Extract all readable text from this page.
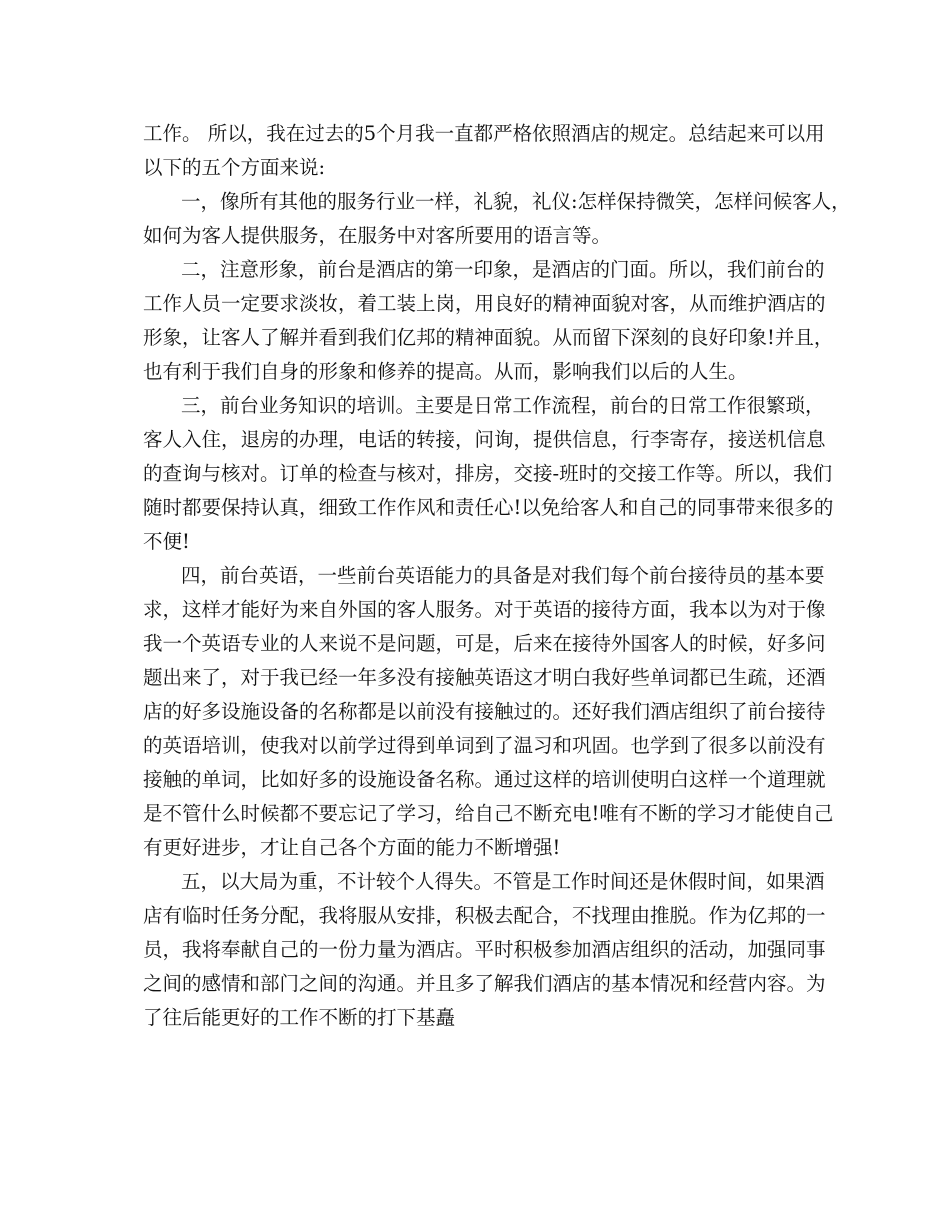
工作。 所以，我在过去的5个月我一直都严格依照酒店的规定。总结起来可以用
以下的五个方面来说:
一，像所有其他的服务行业一样，礼貌，礼仪:怎样保持微笑，怎样问候客人，
如何为客人提供服务，在服务中对客所要用的语言等。
二，注意形象，前台是酒店的第一印象，是酒店的门面。所以，我们前台的
工作人员一定要求淡妆，着工装上岗，用良好的精神面貌对客，从而维护酒店的
形象，让客人了解并看到我们亿邦的精神面貌。从而留下深刻的良好印象!并且，
也有利于我们自身的形象和修养的提高。从而，影响我们以后的人生。
三，前台业务知识的培训。主要是日常工作流程，前台的日常工作很繁琐，
客人入住，退房的办理，电话的转接，问询，提供信息，行李寄存，接送机信息
的查询与核对。订单的检查与核对，排房，交接-班时的交接工作等。所以，我们
随时都要保持认真，细致工作作风和责任心!以免给客人和自己的同事带来很多的
不便!
四，前台英语，一些前台英语能力的具备是对我们每个前台接待员的基本要
求，这样才能好为来自外国的客人服务。对于英语的接待方面，我本以为对于像
我一个英语专业的人来说不是问题，可是，后来在接待外国客人的时候，好多问
题出来了，对于我已经一年多没有接触英语这才明白我好些单词都已生疏，还酒
店的好多设施设备的名称都是以前没有接触过的。还好我们酒店组织了前台接待
的英语培训，使我对以前学过得到单词到了温习和巩固。也学到了很多以前没有
接触的单词，比如好多的设施设备名称。通过这样的培训使明白这样一个道理就
是不管什么时候都不要忘记了学习，给自己不断充电!唯有不断的学习才能使自己
有更好进步，才让自己各个方面的能力不断增强!
五，以大局为重，不计较个人得失。不管是工作时间还是休假时间，如果酒
店有临时任务分配，我将服从安排，积极去配合，不找理由推脱。作为亿邦的一
员，我将奉献自己的一份力量为酒店。平时积极参加酒店组织的活动，加强同事
之间的感情和部门之间的沟通。并且多了解我们酒店的基本情况和经营内容。为
了往后能更好的工作不断的打下基矗
